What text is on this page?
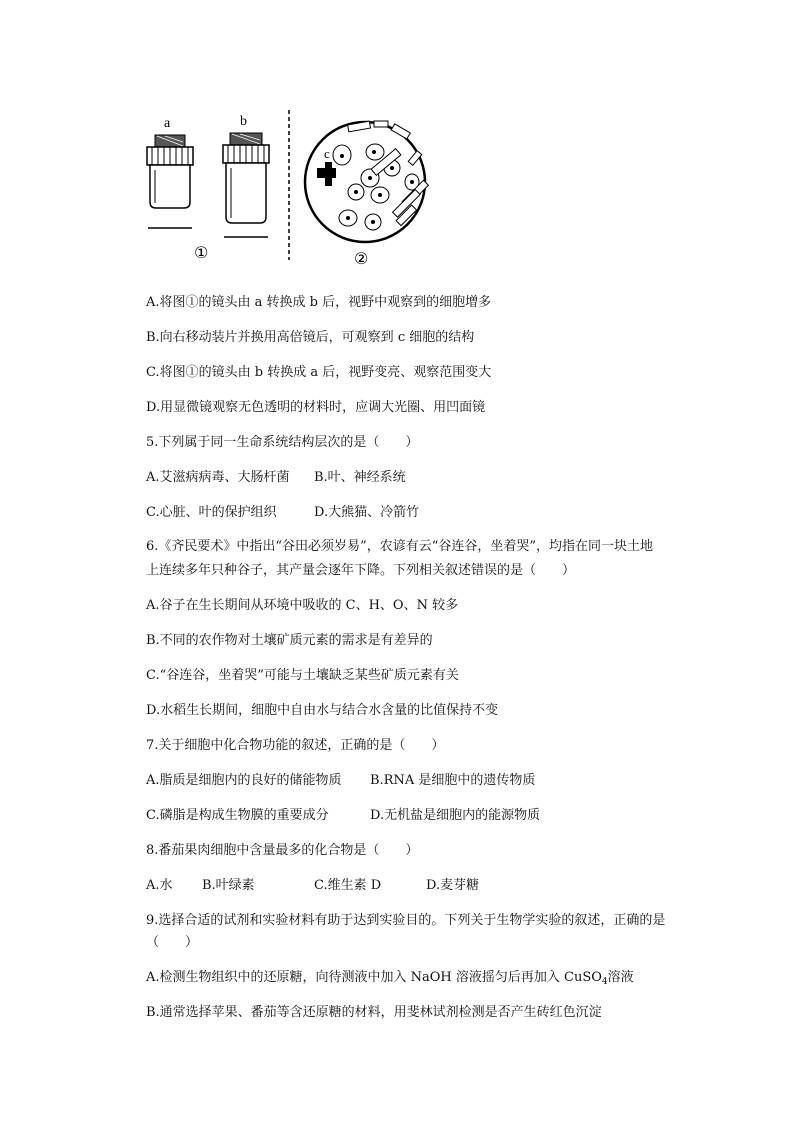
a	b
①
c
②
A.将图①的镜头由 a 转换成 b 后，视野中观察到的细胞增多
B.向右移动装片并换用高倍镜后，可观察到 c 细胞的结构
C.将图①的镜头由 b 转换成 a 后，视野变亮、观察范围变大
D.用显微镜观察无色透明的材料时，应调大光圈、用凹面镜
5.下列属于同一生命系统结构层次的是（　　）
A.艾滋病病毒、大肠杆菌 B.叶、神经系统
C.心脏、叶的保护组织	D.大熊猫、冷箭竹
6.《齐民要术》中指出“谷田必须岁易”，农谚有云“谷连谷，坐着哭”，均指在同一块土地
上连续多年只种谷子，其产量会逐年下降。下列相关叙述错误的是（　　）
A.谷子在生长期间从环境中吸收的 C、H、O、N 较多
B.不同的农作物对土壤矿质元素的需求是有差异的
C.“谷连谷，坐着哭”可能与土壤缺乏某些矿质元素有关
D.水稻生长期间，细胞中自由水与结合水含量的比值保持不变
7.关于细胞中化合物功能的叙述，正确的是（　　）
A.脂质是细胞内的良好的储能物质 B.RNA 是细胞中的遗传物质
C.磷脂是构成生物膜的重要成分	D.无机盐是细胞内的能源物质
8.番茄果肉细胞中含量最多的化合物是（　　）
A.水 B.叶绿素	C.维生素 D	D.麦芽糖
9.选择合适的试剂和实验材料有助于达到实验目的。下列关于生物学实验的叙述，正确的是
（　　）
A.检测生物组织中的还原糖，向待测液中加入 NaOH 溶液摇匀后再加入 CuSO$_4$溶液
B.通常选择苹果、番茄等含还原糖的材料，用斐林试剂检测是否产生砖红色沉淀
